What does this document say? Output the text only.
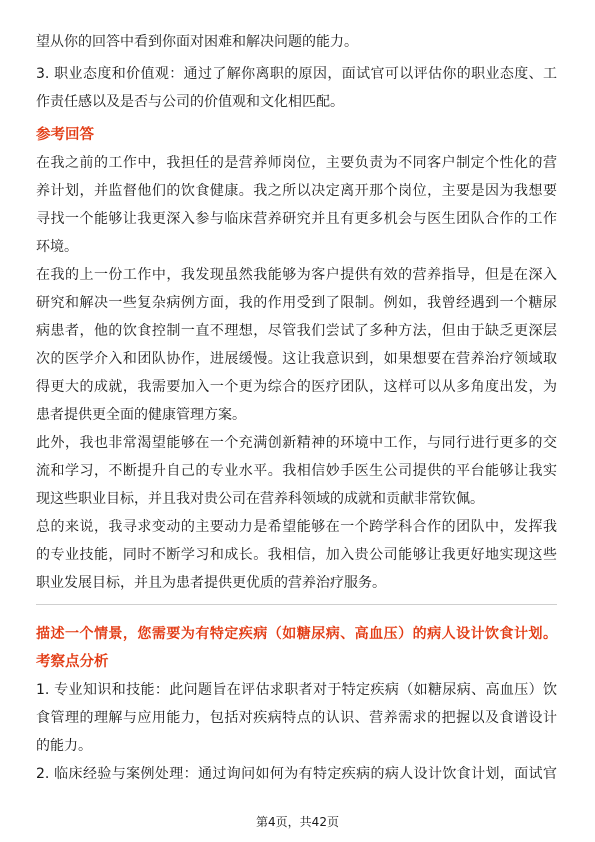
望从你的回答中看到你面对困难和解决问题的能力。
3. 职业态度和价值观：通过了解你离职的原因，面试官可以评估你的职业态度、工
作责任感以及是否与公司的价值观和文化相匹配。
参考回答
在我之前的工作中，我担任的是营养师岗位，主要负责为不同客户制定个性化的营
养计划，并监督他们的饮食健康。我之所以决定离开那个岗位，主要是因为我想要
寻找一个能够让我更深入参与临床营养研究并且有更多机会与医生团队合作的工作
环境。
在我的上一份工作中，我发现虽然我能够为客户提供有效的营养指导，但是在深入
研究和解决一些复杂病例方面，我的作用受到了限制。例如，我曾经遇到一个糖尿
病患者，他的饮食控制一直不理想，尽管我们尝试了多种方法，但由于缺乏更深层
次的医学介入和团队协作，进展缓慢。这让我意识到，如果想要在营养治疗领域取
得更大的成就，我需要加入一个更为综合的医疗团队，这样可以从多角度出发，为
患者提供更全面的健康管理方案。
此外，我也非常渴望能够在一个充满创新精神的环境中工作，与同行进行更多的交
流和学习，不断提升自己的专业水平。我相信妙手医生公司提供的平台能够让我实
现这些职业目标，并且我对贵公司在营养科领域的成就和贡献非常钦佩。
总的来说，我寻求变动的主要动力是希望能够在一个跨学科合作的团队中，发挥我
的专业技能，同时不断学习和成长。我相信，加入贵公司能够让我更好地实现这些
职业发展目标，并且为患者提供更优质的营养治疗服务。
描述一个情景，您需要为有特定疾病（如糖尿病、高血压）的病人设计饮食计划。
考察点分析
1. 专业知识和技能：此问题旨在评估求职者对于特定疾病（如糖尿病、高血压）饮
食管理的理解与应用能力，包括对疾病特点的认识、营养需求的把握以及食谱设计
的能力。
2. 临床经验与案例处理：通过询问如何为有特定疾病的病人设计饮食计划，面试官
第4页，共42页
